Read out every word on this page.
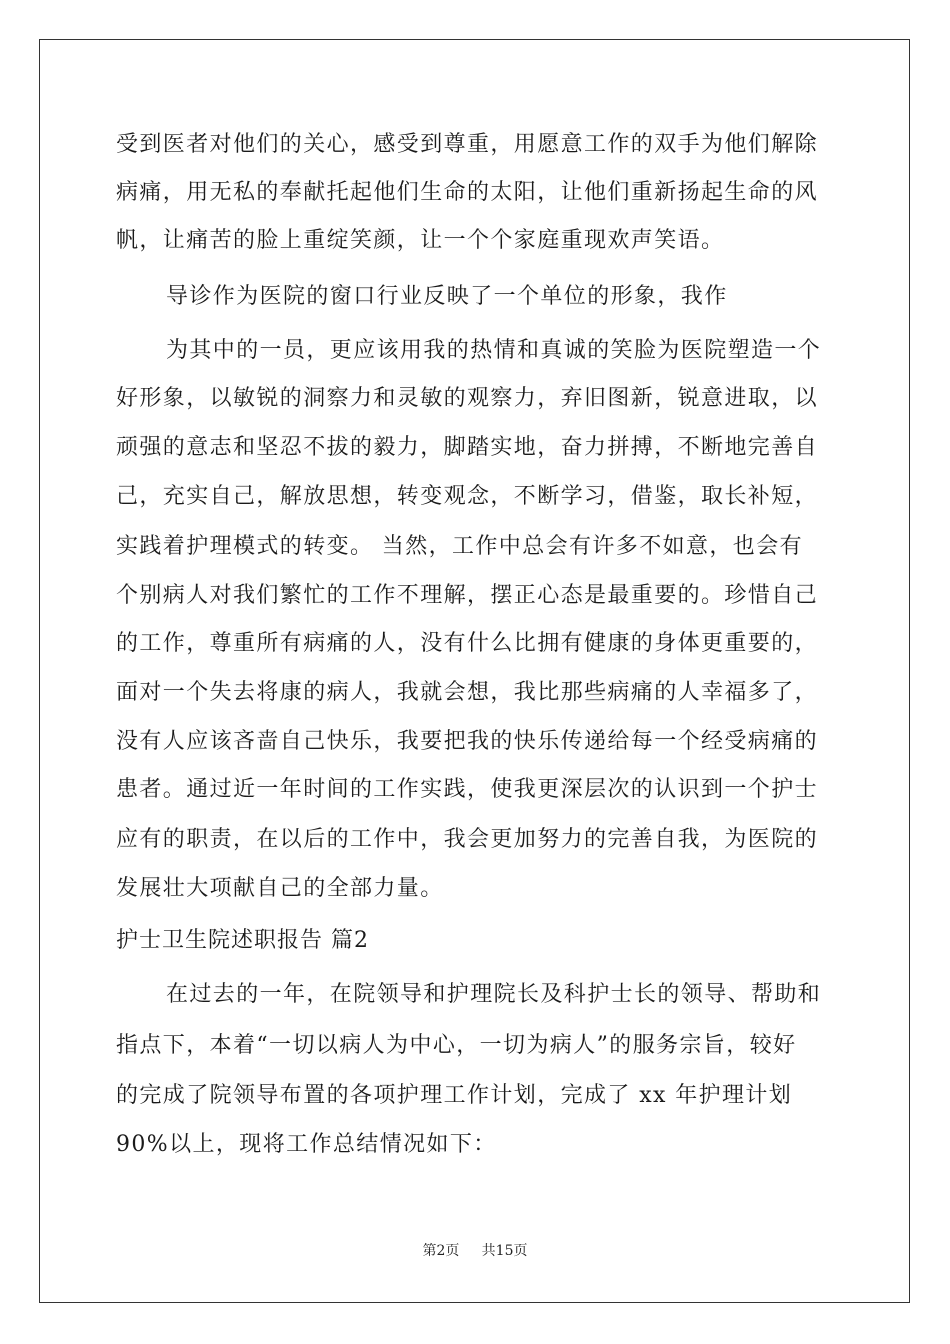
受到医者对他们的关心，感受到尊重，用愿意工作的双手为他们解除
病痛，用无私的奉献托起他们生命的太阳，让他们重新扬起生命的风
帆，让痛苦的脸上重绽笑颜，让一个个家庭重现欢声笑语。
导诊作为医院的窗口行业反映了一个单位的形象，我作
为其中的一员，更应该用我的热情和真诚的笑脸为医院塑造一个
好形象，以敏锐的洞察力和灵敏的观察力，弃旧图新，锐意进取，以
顽强的意志和坚忍不拔的毅力，脚踏实地，奋力拼搏，不断地完善自
己，充实自己，解放思想，转变观念，不断学习，借鉴，取长补短，
实践着护理模式的转变。 当然，工作中总会有许多不如意，也会有
个别病人对我们繁忙的工作不理解，摆正心态是最重要的。珍惜自己
的工作，尊重所有病痛的人，没有什么比拥有健康的身体更重要的，
面对一个失去将康的病人，我就会想，我比那些病痛的人幸福多了，
没有人应该吝啬自己快乐，我要把我的快乐传递给每一个经受病痛的
患者。通过近一年时间的工作实践，使我更深层次的认识到一个护士
应有的职责，在以后的工作中，我会更加努力的完善自我，为医院的
发展壮大项献自己的全部力量。
护士卫生院述职报告 篇2
在过去的一年，在院领导和护理院长及科护士长的领导、帮助和
指点下，本着“一切以病人为中心，一切为病人”的服务宗旨，较好
的完成了院领导布置的各项护理工作计划，完成了 xx 年护理计划
90%以上，现将工作总结情况如下：
第2页 共15页
